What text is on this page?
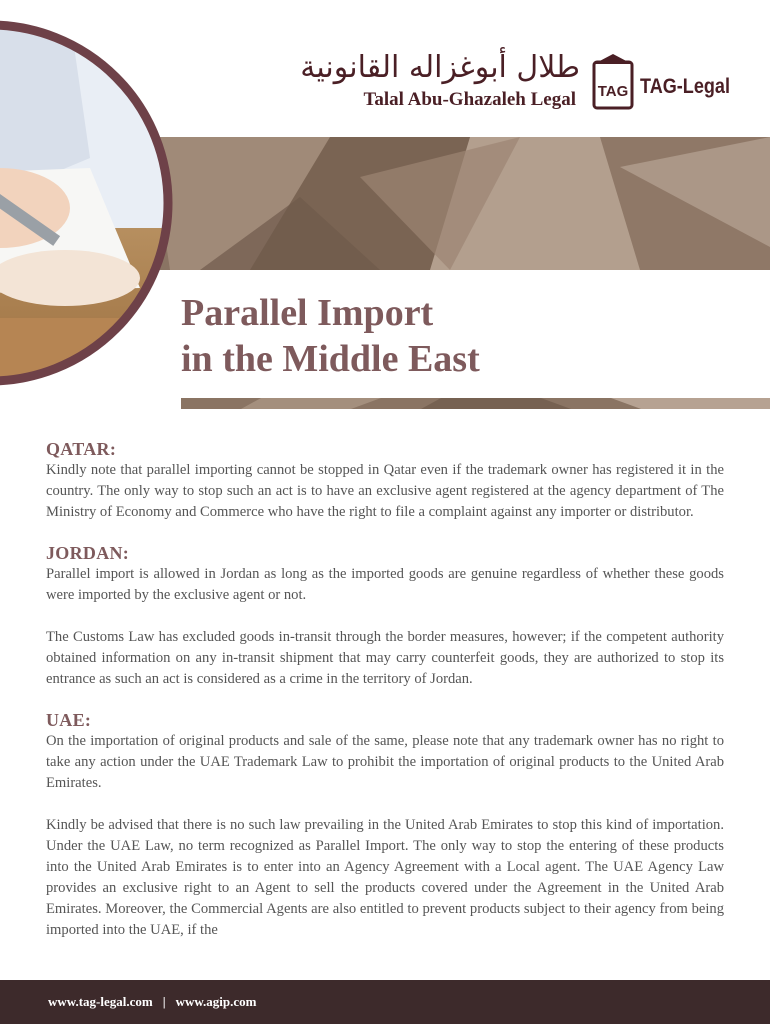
طلال أبوغزاله القانونية
Talal Abu-Ghazaleh Legal TAG TAG-Legal
Parallel Import
in the Middle East
QATAR:

Kindly note that parallel importing cannot be stopped in Qatar even if the trademark owner has registered it in the country. The only way to stop such an act is to have an exclusive agent registered at the agency department of The Ministry of Economy and Commerce who have the right to file a complaint against any importer or distributor.

JORDAN:

Parallel import is allowed in Jordan as long as the imported goods are genuine regardless of whether these goods were imported by the exclusive agent or not.

The Customs Law has excluded goods in-transit through the border measures, however; if the competent authority obtained information on any in-transit shipment that may carry counterfeit goods, they are authorized to stop its entrance as such an act is considered as a crime in the territory of Jordan.

UAE:

On the importation of original products and sale of the same, please note that any trademark owner has no right to take any action under the UAE Trademark Law to prohibit the importation of original products to the United Arab Emirates.

Kindly be advised that there is no such law prevailing in the United Arab Emirates to stop this kind of importation. Under the UAE Law, no term recognized as Parallel Import. The only way to stop the entering of these products into the United Arab Emirates is to enter into an Agency Agreement with a Local agent. The UAE Agency Law provides an exclusive right to an Agent to sell the products covered under the Agreement in the United Arab Emirates. Moreover, the Commercial Agents are also entitled to prevent products subject to their agency from being imported into the UAE, if the

www.tag-legal.com | www.agip.com
